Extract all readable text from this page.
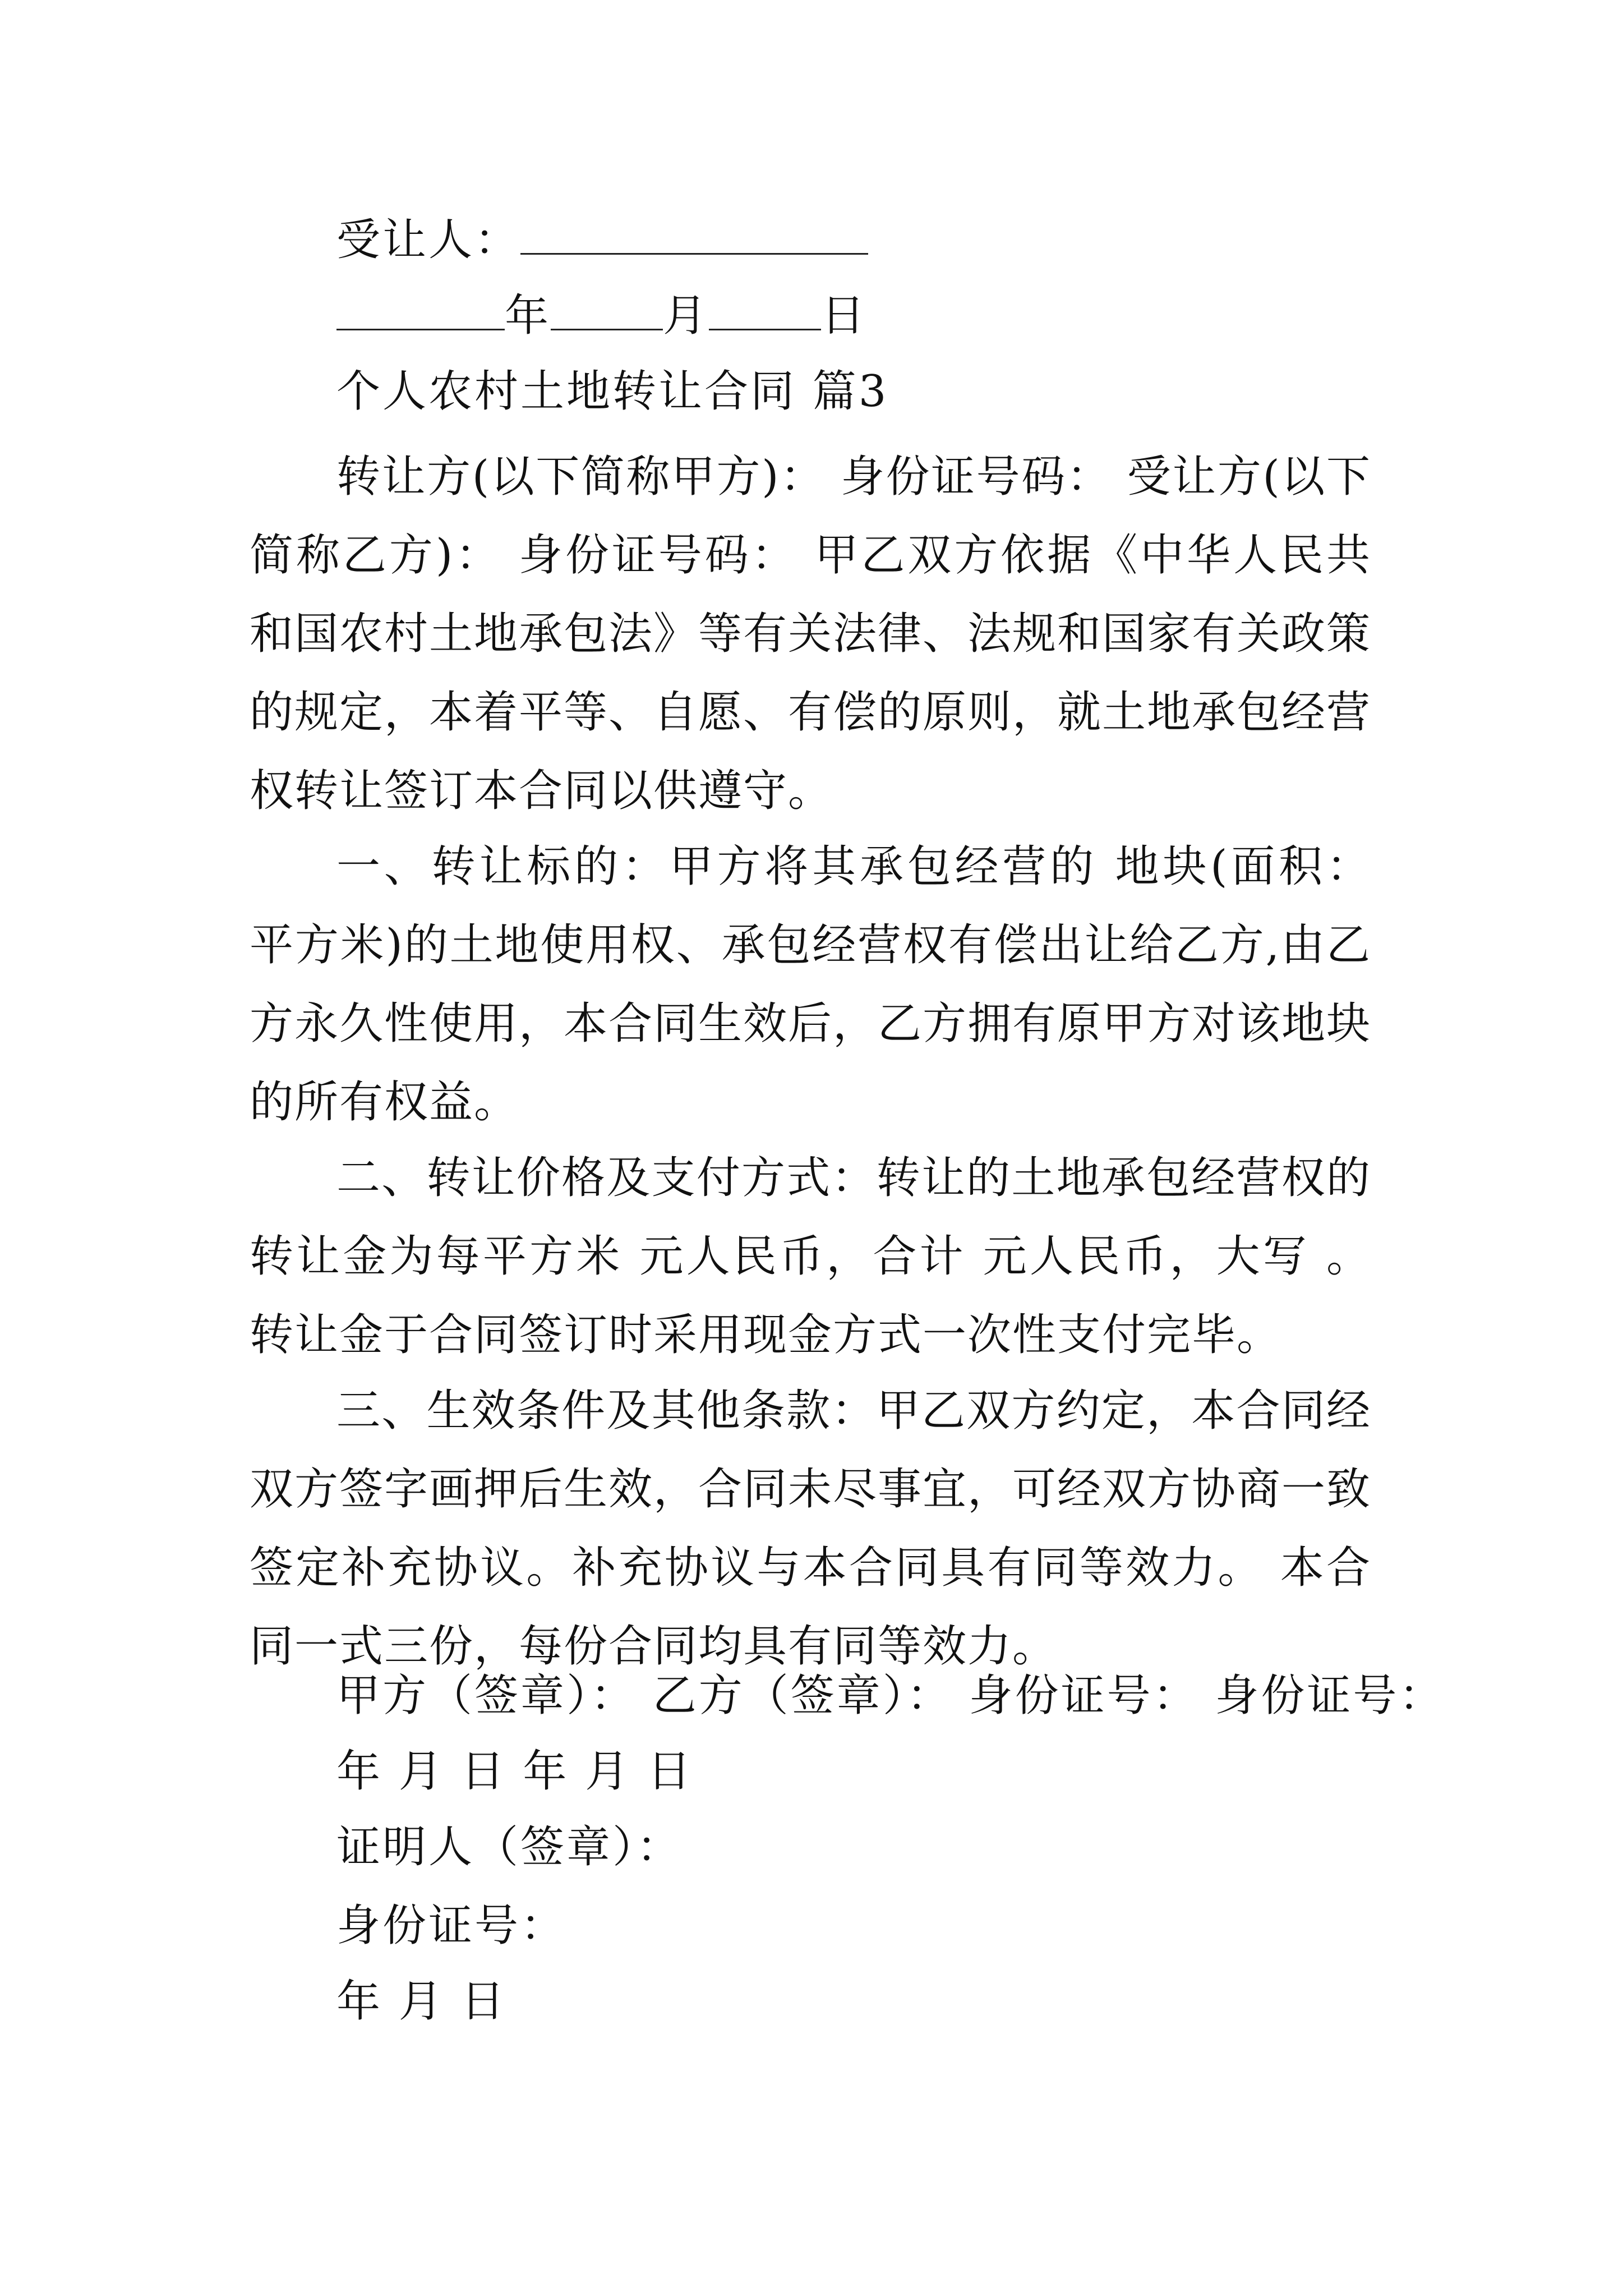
受让人：
年	月	日
个人农村土地转让合同 篇3
转让方(以下简称甲方)： 身份证号码： 受让方(以下简称乙方)： 身份证号码： 甲乙双方依据《中华人民共和国农村土地承包法》等有关法律、法规和国家有关政策的规定，本着平等、自愿、有偿的原则，就土地承包经营权转让签订本合同以供遵守。
一、转让标的：甲方将其承包经营的 地块(面积： 平方米)的土地使用权、承包经营权有偿出让给乙方,由乙方永久性使用，本合同生效后，乙方拥有原甲方对该地块的所有权益。
二、转让价格及支付方式：转让的土地承包经营权的转让金为每平方米 元人民币，合计 元人民币，大写 。转让金于合同签订时采用现金方式一次性支付完毕。
三、生效条件及其他条款：甲乙双方约定，本合同经双方签字画押后生效，合同未尽事宜，可经双方协商一致签定补充协议。补充协议与本合同具有同等效力。 本合同一式三份，每份合同均具有同等效力。
甲方（签章）： 乙方（签章）： 身份证号： 身份证号：
年 月 日 年 月 日
证明人（签章）：
身份证号：
年 月 日
